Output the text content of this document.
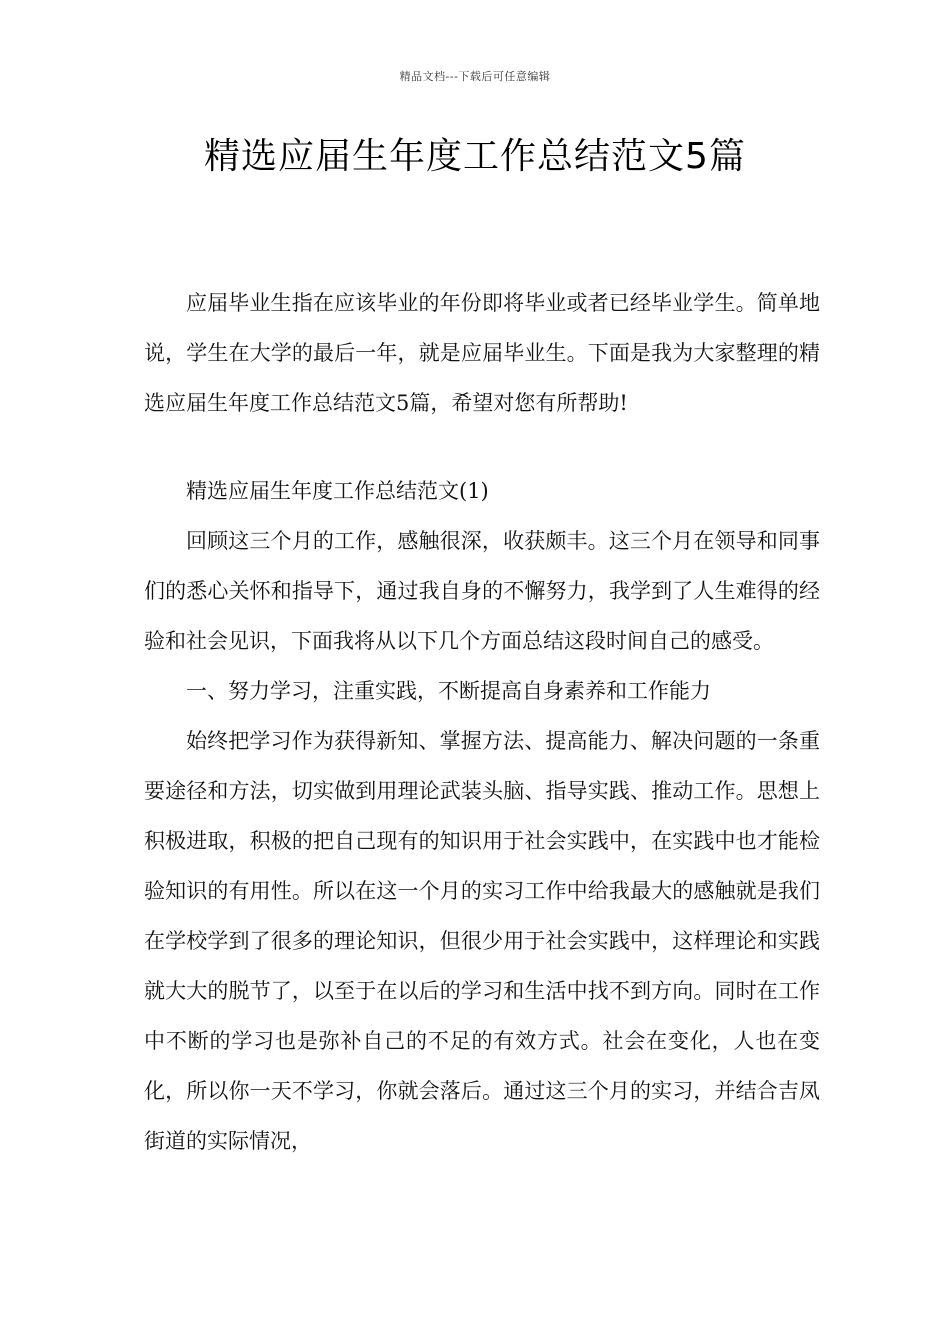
精品文档---下载后可任意编辑
精选应届生年度工作总结范文5篇

应届毕业生指在应该毕业的年份即将毕业或者已经毕业学生。简单地说，学生在大学的最后一年，就是应届毕业生。下面是我为大家整理的精选应届生年度工作总结范文5篇，希望对您有所帮助!

精选应届生年度工作总结范文(1)

回顾这三个月的工作，感触很深，收获颇丰。这三个月在领导和同事们的悉心关怀和指导下，通过我自身的不懈努力，我学到了人生难得的经验和社会见识，下面我将从以下几个方面总结这段时间自己的感受。

一、努力学习，注重实践，不断提高自身素养和工作能力

始终把学习作为获得新知、掌握方法、提高能力、解决问题的一条重要途径和方法，切实做到用理论武装头脑、指导实践、推动工作。思想上积极进取，积极的把自己现有的知识用于社会实践中，在实践中也才能检验知识的有用性。所以在这一个月的实习工作中给我最大的感触就是我们在学校学到了很多的理论知识，但很少用于社会实践中，这样理论和实践就大大的脱节了，以至于在以后的学习和生活中找不到方向。同时在工作中不断的学习也是弥补自己的不足的有效方式。社会在变化，人也在变化，所以你一天不学习，你就会落后。通过这三个月的实习，并结合吉凤街道的实际情况，
